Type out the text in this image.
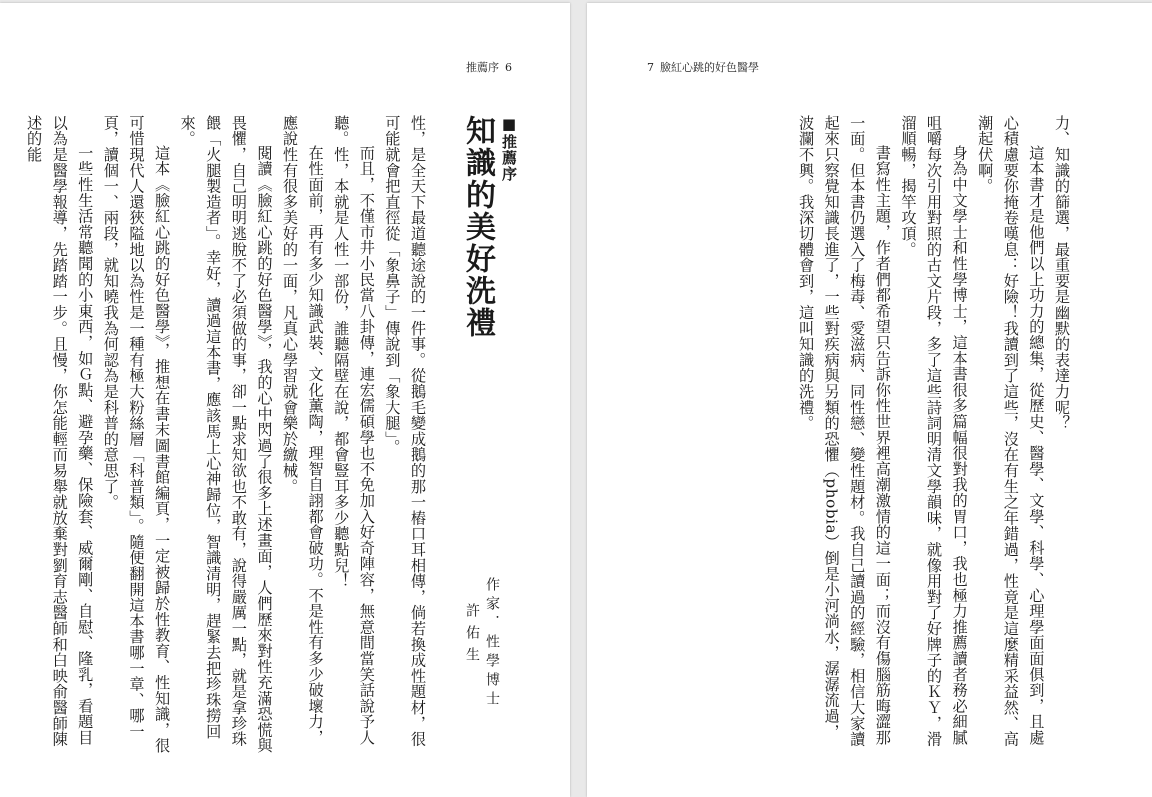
推薦序 6
■推薦序
知識的美好洗禮
作家．性學博士
許佑生

性，是全天下最道聽途說的一件事。從鵝毛變成鵝的那一樁口耳相傳，倘若換成性題材，很可能就會把直徑從「象鼻子」傳說到「象大腿」。

而且，不僅市井小民當八卦傳，連宏儒碩學也不免加入好奇陣容，無意間當笑話說予人聽。性，本就是人性一部份，誰聽隔壁在說，都會豎耳多少聽點兒！

在性面前，再有多少知識武裝、文化薰陶，理智自詡都會破功。不是性有多少破壞力，應說性有很多美好的一面，凡真心學習就會樂於繳械。

閱讀《臉紅心跳的好色醫學》，我的心中閃過了很多上述畫面，人們歷來對性充滿恐慌與畏懼，自己明明逃脫不了必須做的事，卻一點求知欲也不敢有，說得嚴厲一點，就是拿珍珠餵「火腿製造者」。幸好，讀過這本書，應該馬上心神歸位，智識清明，趕緊去把珍珠撈回來。

這本《臉紅心跳的好色醫學》，推想在書末圖書館編頁，一定被歸於性教育、性知識，很可惜現代人還狹隘地以為性是一種有極大粉絲層「科普類」。隨便翻開這本書哪一章、哪一頁，讀個一、兩段，就知曉我為何認為是科普的意思了。

一些性生活常聽聞的小東西，如Ｇ點、避孕藥、保險套、威爾剛、自慰、隆乳，看題目以為是醫學報導，先踏踏一步。且慢，你怎能輕而易舉就放棄對劉育志醫師和白映俞醫師陳述的能

7 臉紅心跳的好色醫學

力、知識的篩選，最重要是幽默的表達力呢？

這本書才是他們以上功力的總集，從歷史、醫學、文學、科學、心理學面面俱到，且處心積慮要你掩卷嘆息：好險！我讀到了這些，沒在有生之年錯過，性竟是這麼精采益然、高潮起伏啊。

身為中文學士和性學博士，這本書很多篇幅很對我的胃口，我也極力推薦讀者務必細膩咀嚼每次引用對照的古文片段，多了這些詩詞明清文學韻味，就像用對了好牌子的ＫＹ，滑溜順暢，揭竿攻頂。

書寫性主題，作者們都希望只告訴你性世界裡高潮激情的這一面；而沒有傷腦筋晦澀那一面。但本書仍選入了梅毒、愛滋病、同性戀、變性題材。我自己讀過的經驗，相信大家讀起來只察覺知識長進了，一些對疾病與另類的恐懼（phobia）倒是小河淌水，潺潺流過，波瀾不興。我深切體會到，這叫知識的洗禮。
